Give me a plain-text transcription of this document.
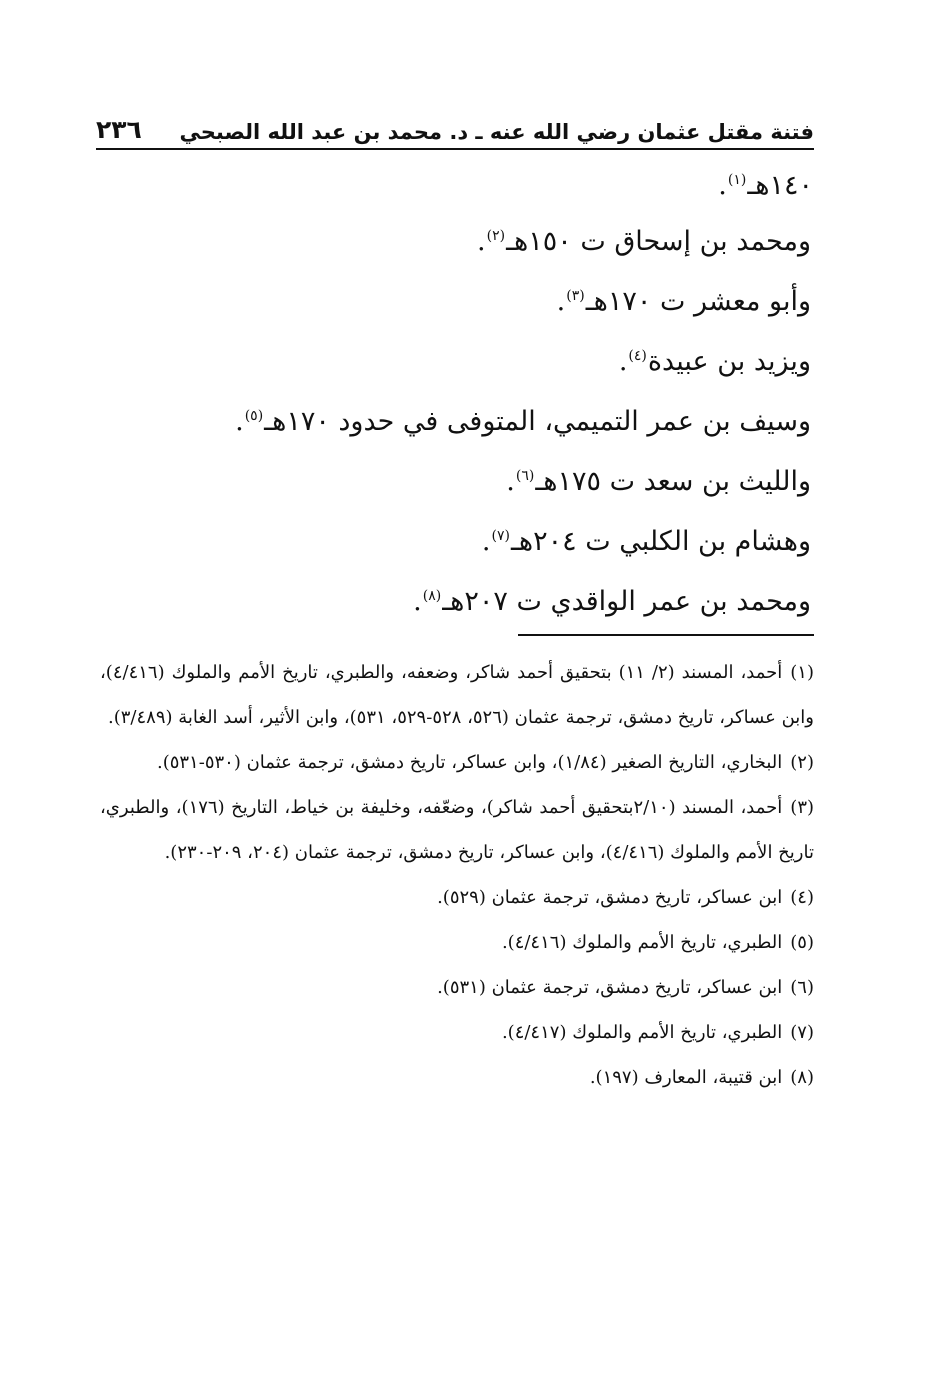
٢٣٦ فتنة مقتل عثمان رضي الله عنه ـ د. محمد بن عبد الله الصبحي
١٤٠هـ$^{(١)}$.
ومحمد بن إسحاق ت ١٥٠هـ$^{(٢)}$.
وأبو معشر ت ١٧٠هـ$^{(٣)}$.
ويزيد بن عبيدة$^{(٤)}$.
وسيف بن عمر التميمي، المتوفى في حدود ١٧٠هـ$^{(٥)}$.
والليث بن سعد ت ١٧٥هـ$^{(٦)}$.
وهشام بن الكلبي ت ٢٠٤هـ$^{(٧)}$.
ومحمد بن عمر الواقدي ت ٢٠٧هـ$^{(٨)}$.
(١)أحمد، المسند (٢/ ١١) بتحقيق أحمد شاكر، وضعفه، والطبري، تاريخ الأمم والملوك (٤/٤١٦)، وابن عساكر، تاريخ دمشق، ترجمة عثمان (٥٢٦، ٥٢٨-٥٢٩، ٥٣١)، وابن الأثير، أسد الغابة (٣/٤٨٩).
(٢)البخاري، التاريخ الصغير (١/٨٤)، وابن عساكر، تاريخ دمشق، ترجمة عثمان (٥٣٠-٥٣١).
(٣)أحمد، المسند (٢/١٠بتحقيق أحمد شاكر)، وضعّفه، وخليفة بن خياط، التاريخ (١٧٦)، والطبري، تاريخ الأمم والملوك (٤/٤١٦)، وابن عساكر، تاريخ دمشق، ترجمة عثمان (٢٠٤، ٢٠٩-٢٣٠).
(٤)ابن عساكر، تاريخ دمشق، ترجمة عثمان (٥٢٩).
(٥)الطبري، تاريخ الأمم والملوك (٤/٤١٦).
(٦)ابن عساكر، تاريخ دمشق، ترجمة عثمان (٥٣١).
(٧)الطبري، تاريخ الأمم والملوك (٤/٤١٧).
(٨)ابن قتيبة، المعارف (١٩٧).
